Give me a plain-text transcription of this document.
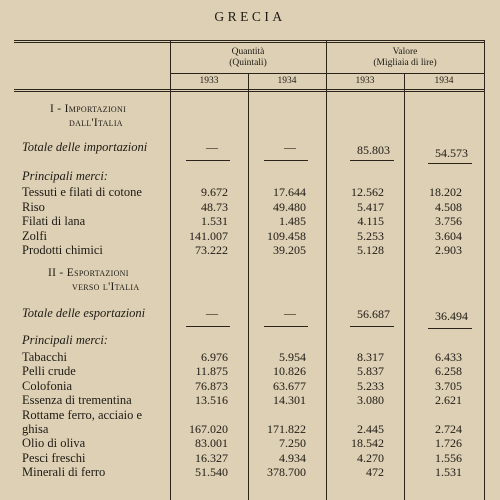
GRECIA
Quantità
(Quintali)
Valore
(Migliaia di lire)
1933	1934	1933	1934
I - Importazioni
dall'Italia
Totale delle importazioni	—	—	85.803	54.573
Principali merci:
Tessuti e filati di cotone	9.672	17.644	12.562	18.202
Riso	48.73	49.480	5.417	4.508
Filati di lana	1.531	1.485	4.115	3.756
Zolfi	141.007	109.458	5.253	3.604
Prodotti chimici	73.222	39.205	5.128	2.903
II - Esportazioni
verso l'Italia
Totale delle esportazioni	—	—	56.687	36.494
Principali merci:
Tabacchi	6.976	5.954	8.317	6.433
Pelli crude	11.875	10.826	5.837	6.258
Colofonia	76.873	63.677	5.233	3.705
Essenza di trementina	13.516	14.301	3.080	2.621
Rottame ferro, acciaio e
ghisa	167.020	171.822	2.445	2.724
Olio di oliva	83.001	7.250	18.542	1.726
Pesci freschi	16.327	4.934	4.270	1.556
Minerali di ferro	51.540	378.700	472	1.531
